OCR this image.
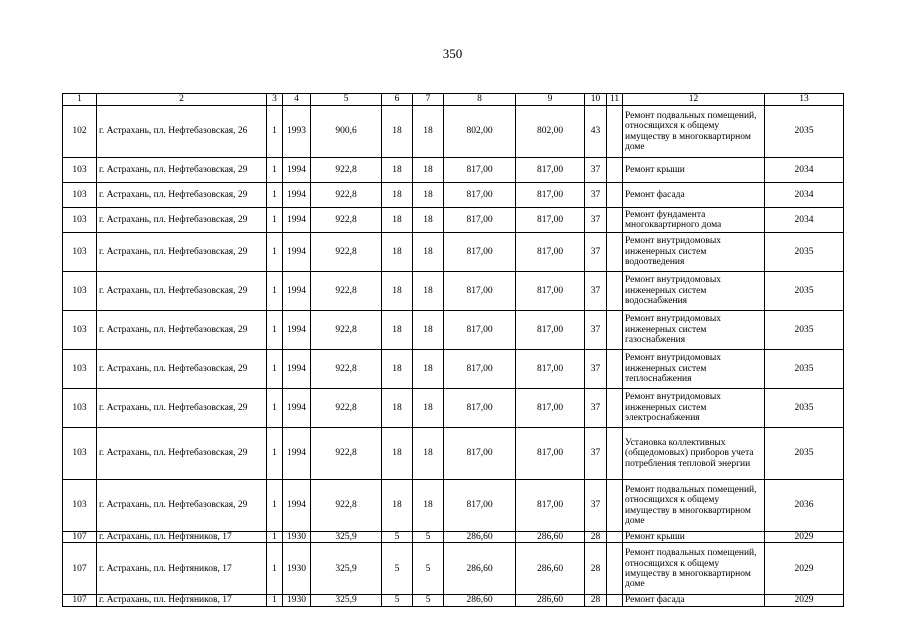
350
1	2	3	4	5	6	7	8	9	10	11	12	13
102	г. Астрахань, пл. Нефтебазовская, 26	1	1993	900,6	18	18	802,00	802,00	43		Ремонт подвальных помещений, относящихся к общему имуществу в многоквартирном доме	2035
103	г. Астрахань, пл. Нефтебазовская, 29	1	1994	922,8	18	18	817,00	817,00	37		Ремонт крыши	2034
103	г. Астрахань, пл. Нефтебазовская, 29	1	1994	922,8	18	18	817,00	817,00	37		Ремонт фасада	2034
103	г. Астрахань, пл. Нефтебазовская, 29	1	1994	922,8	18	18	817,00	817,00	37		Ремонт фундамента многоквартирного дома	2034
103	г. Астрахань, пл. Нефтебазовская, 29	1	1994	922,8	18	18	817,00	817,00	37		Ремонт внутридомовых инженерных систем водоотведения	2035
103	г. Астрахань, пл. Нефтебазовская, 29	1	1994	922,8	18	18	817,00	817,00	37		Ремонт внутридомовых инженерных систем водоснабжения	2035
103	г. Астрахань, пл. Нефтебазовская, 29	1	1994	922,8	18	18	817,00	817,00	37		Ремонт внутридомовых инженерных систем газоснабжения	2035
103	г. Астрахань, пл. Нефтебазовская, 29	1	1994	922,8	18	18	817,00	817,00	37		Ремонт внутридомовых инженерных систем теплоснабжения	2035
103	г. Астрахань, пл. Нефтебазовская, 29	1	1994	922,8	18	18	817,00	817,00	37		Ремонт внутридомовых инженерных систем электроснабжения	2035
103	г. Астрахань, пл. Нефтебазовская, 29	1	1994	922,8	18	18	817,00	817,00	37		Установка коллективных (общедомовых) приборов учета потребления тепловой энергии	2035
103	г. Астрахань, пл. Нефтебазовская, 29	1	1994	922,8	18	18	817,00	817,00	37		Ремонт подвальных помещений, относящихся к общему имуществу в многоквартирном доме	2036
107	г. Астрахань, пл. Нефтяников, 17	1	1930	325,9	5	5	286,60	286,60	28		Ремонт крыши	2029
107	г. Астрахань, пл. Нефтяников, 17	1	1930	325,9	5	5	286,60	286,60	28		Ремонт подвальных помещений, относящихся к общему имуществу в многоквартирном доме	2029
107	г. Астрахань, пл. Нефтяников, 17	1	1930	325,9	5	5	286,60	286,60	28		Ремонт фасада	2029
